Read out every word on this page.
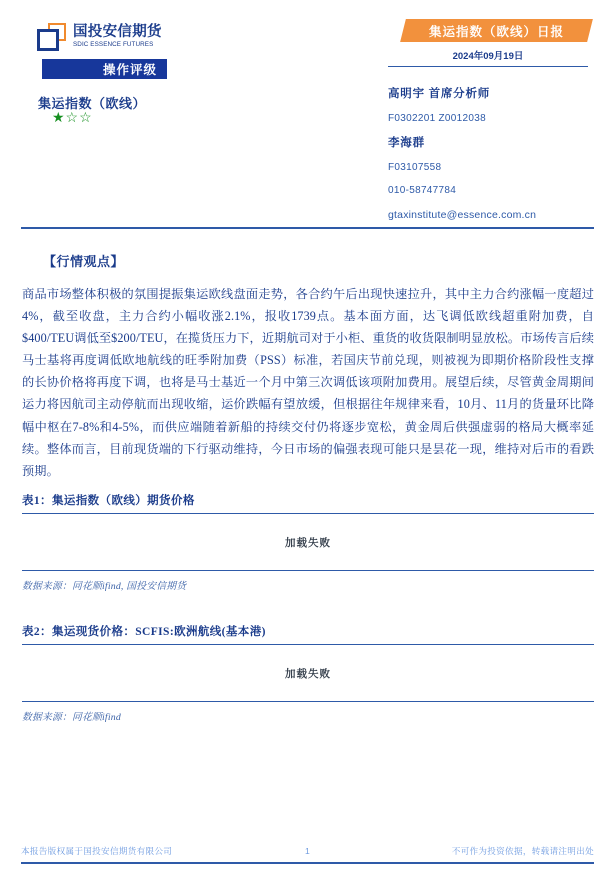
国投安信期货
SDIC ESSENCE FUTURES
操作评级
集运指数（欧线）
★☆☆
集运指数（欧线）日报
2024年09月19日
高明宇 首席分析师
F0302201 Z0012038
李海群
F03107558
010-58747784
gtaxinstitute@essence.com.cn
【行情观点】
商品市场整体积极的氛围提振集运欧线盘面走势，各合约午后出现快速拉升，其中主力合约涨幅一度超过4%，截至收盘，主力合约小幅收涨2.1%，报收1739点。基本面方面，达飞调低欧线超重附加费，自$400/TEU调低至$200/TEU，在揽货压力下，近期航司对于小柜、重货的收货限制明显放松。市场传言后续马士基将再度调低欧地航线的旺季附加费（PSS）标准，若国庆节前兑现，则被视为即期价格阶段性支撑的长协价格将再度下调，也将是马士基近一个月中第三次调低该项附加费用。展望后续，尽管黄金周期间运力将因航司主动停航而出现收缩，运价跌幅有望放缓，但根据往年规律来看，10月、11月的货量环比降幅中枢在7-8%和4-5%，而供应端随着新船的持续交付仍将逐步宽松，黄金周后供强虚弱的格局大概率延续。整体而言，目前现货端的下行驱动维持，今日市场的偏强表现可能只是昙花一现，维持对后市的看跌预期。
表1：集运指数（欧线）期货价格
加载失败
数据来源：同花顺ifind, 国投安信期货
表2：集运现货价格：SCFIS:欧洲航线(基本港)
加载失败
数据来源：同花顺ifind
本报告版权属于国投安信期货有限公司	1	不可作为投资依据，转载请注明出处
